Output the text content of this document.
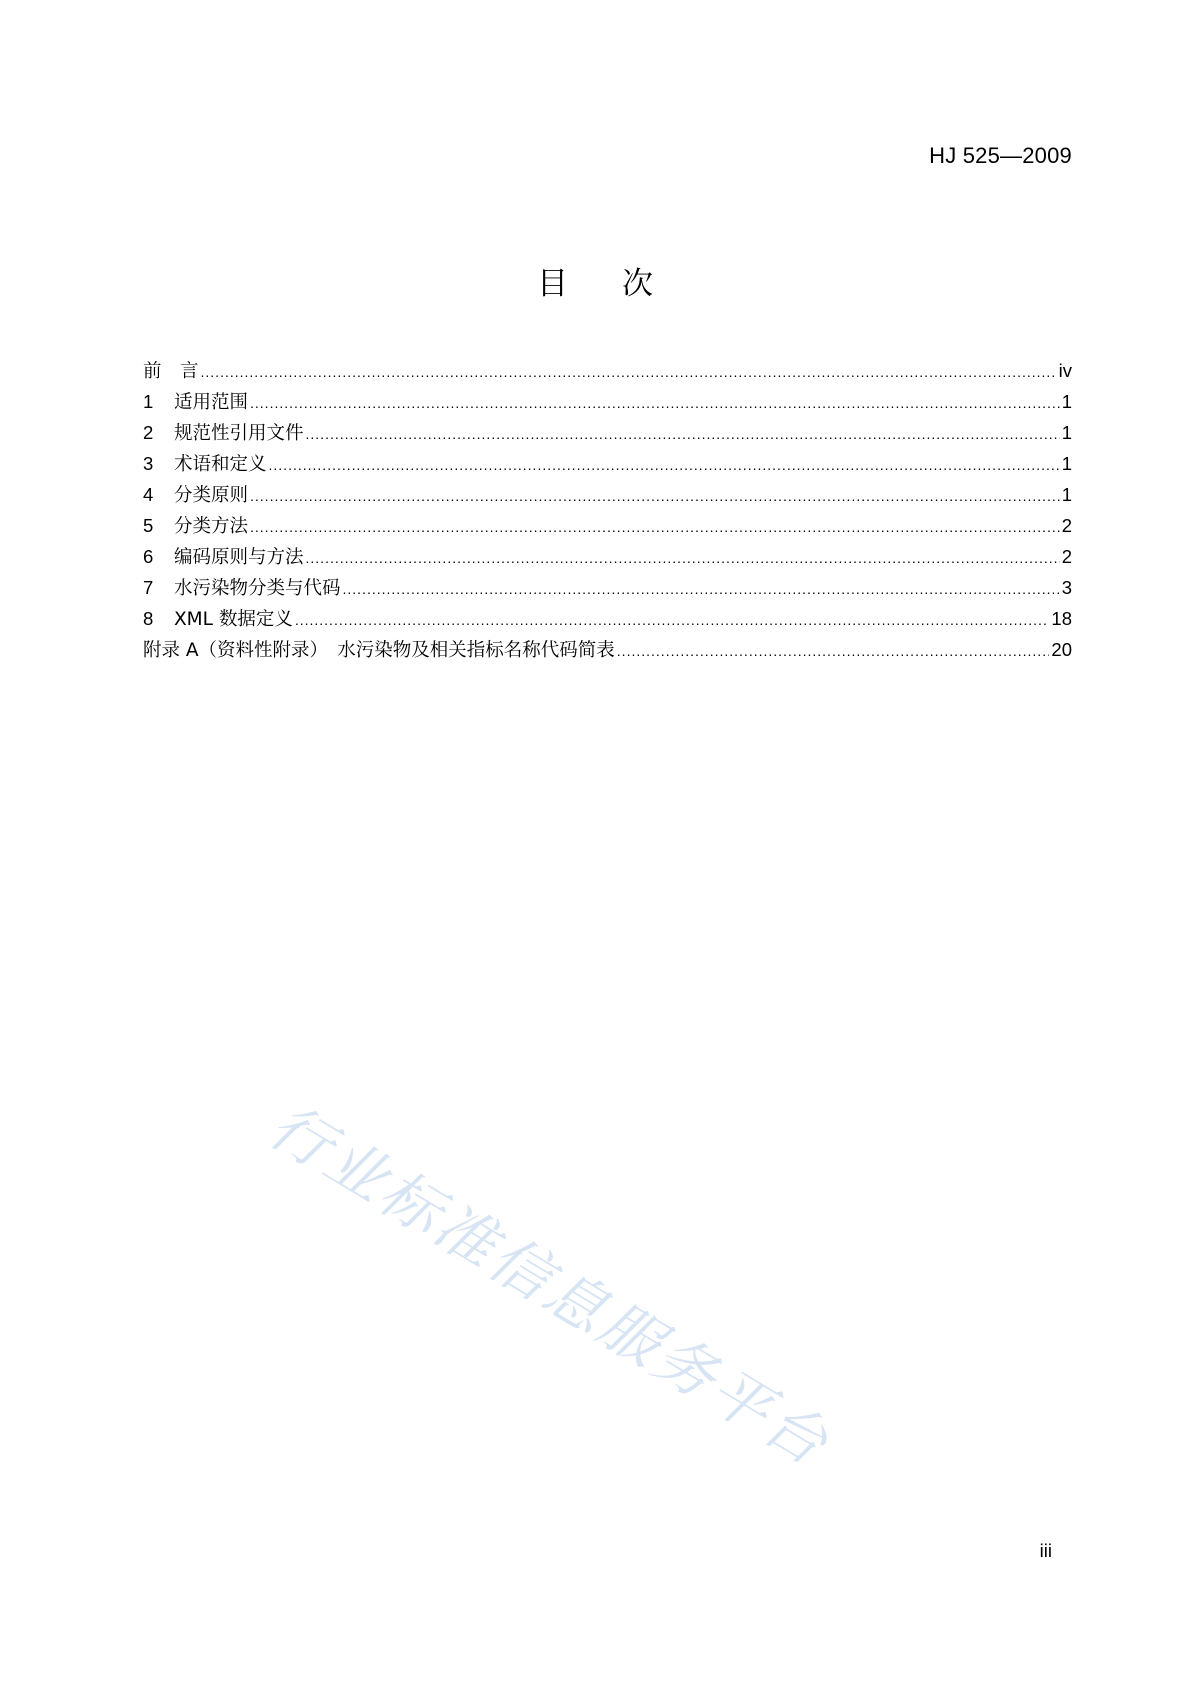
HJ 525—2009
目 次
前　言 .....	iv
1	适用范围 .....	1
2	规范性引用文件 .....	1
3	术语和定义 .....	1
4	分类原则 .....	1
5	分类方法 .....	2
6	编码原则与方法 .....	2
7	水污染物分类与代码 .....	3
8	XML 数据定义 .....	18
附录 A（资料性附录）　水污染物及相关指标名称代码简表 .....	20
行业标准信息服务平台
iii
